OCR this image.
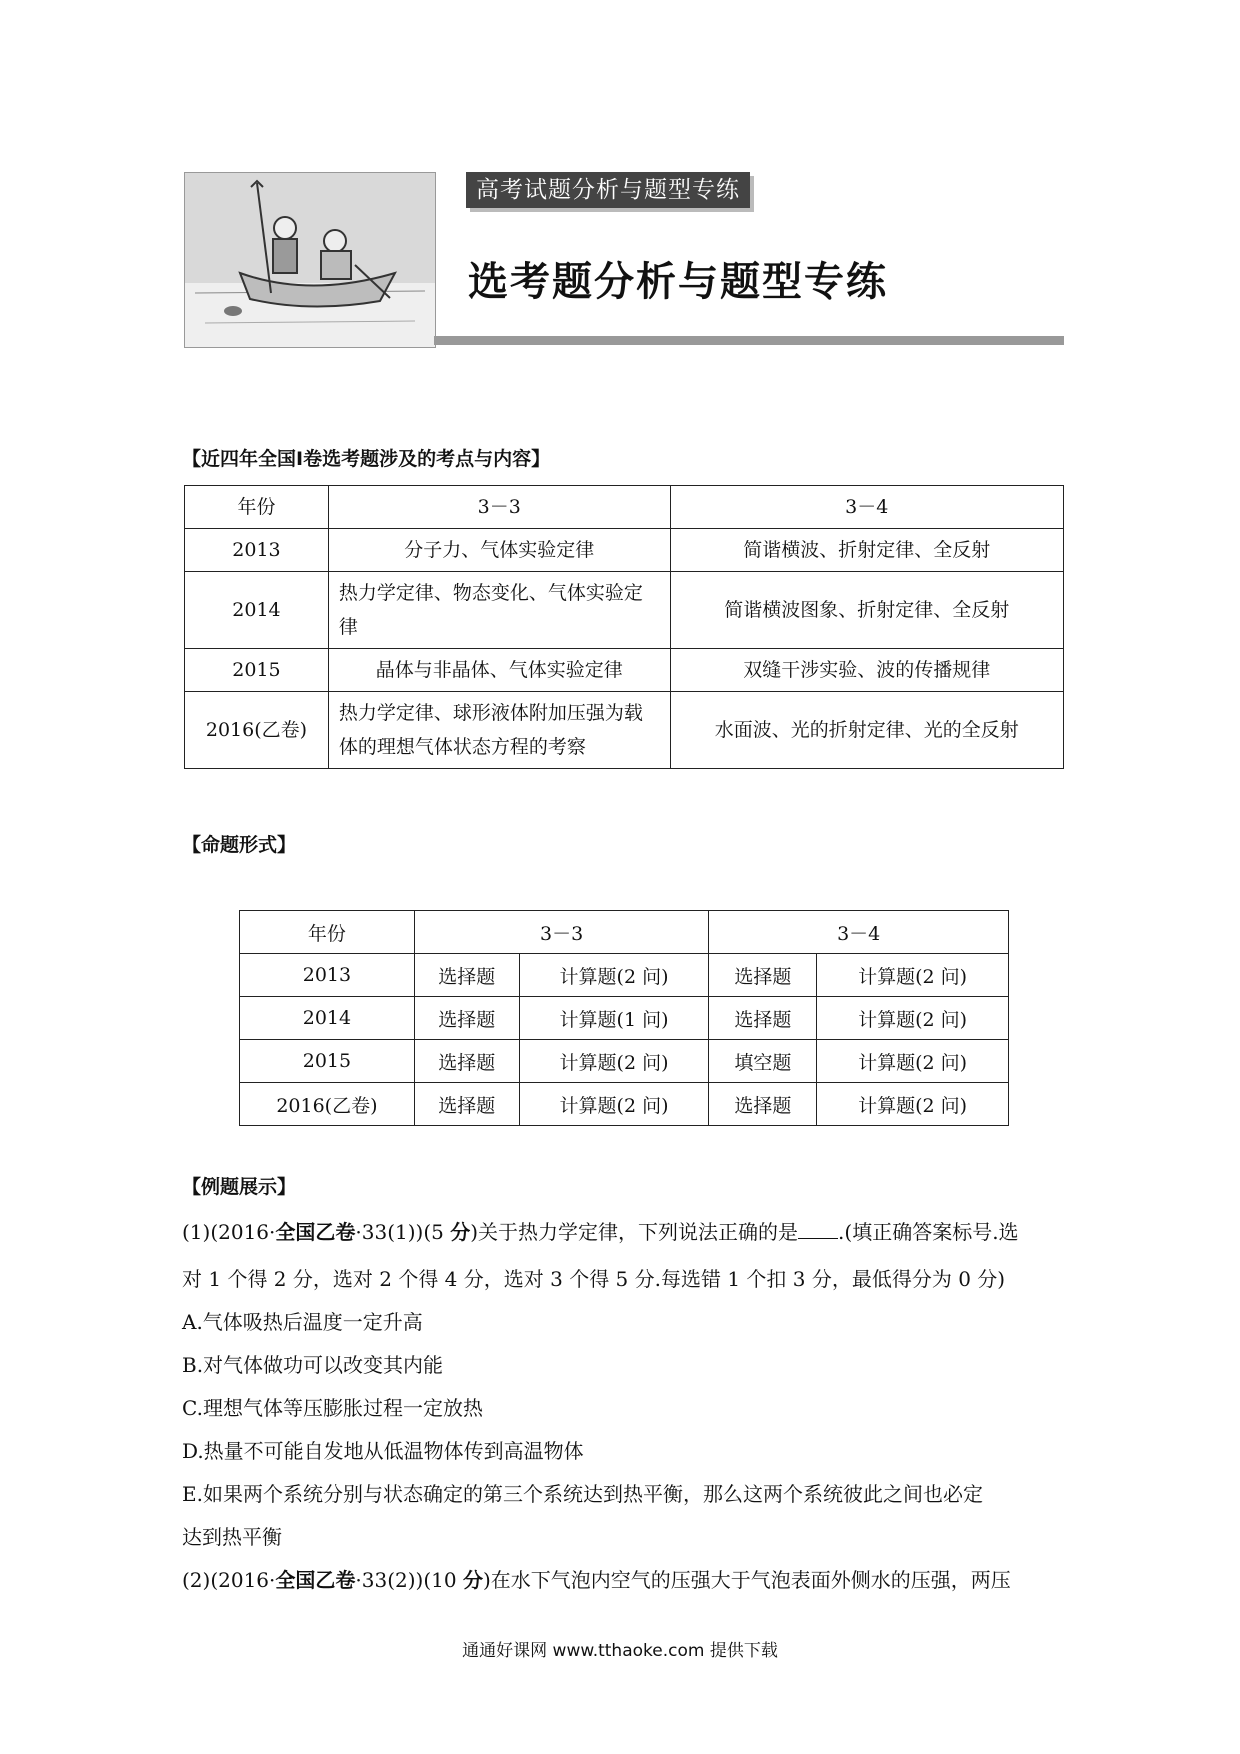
高考试题分析与题型专练
选考题分析与题型专练
【近四年全国Ⅰ卷选考题涉及的考点与内容】
年份	3－3	3－4
2013	分子力、气体实验定律	简谐横波、折射定律、全反射
2014	热力学定律、物态变化、气体实验定律	简谐横波图象、折射定律、全反射
2015	晶体与非晶体、气体实验定律	双缝干涉实验、波的传播规律
2016(乙卷)	热力学定律、球形液体附加压强为载体的理想气体状态方程的考察	水面波、光的折射定律、光的全反射
【命题形式】
年份	3－3		3－4	
2013	选择题	计算题(2 问)	选择题	计算题(2 问)
2014	选择题	计算题(1 问)	选择题	计算题(2 问)
2015	选择题	计算题(2 问)	填空题	计算题(2 问)
2016(乙卷)	选择题	计算题(2 问)	选择题	计算题(2 问)
【例题展示】
(1)(2016·全国乙卷·33(1))(5 分)关于热力学定律，下列说法正确的是 .(填正确答案标号.选
对 1 个得 2 分，选对 2 个得 4 分，选对 3 个得 5 分.每选错 1 个扣 3 分，最低得分为 0 分)
A.气体吸热后温度一定升高
B.对气体做功可以改变其内能
C.理想气体等压膨胀过程一定放热
D.热量不可能自发地从低温物体传到高温物体
E.如果两个系统分别与状态确定的第三个系统达到热平衡，那么这两个系统彼此之间也必定
达到热平衡
(2)(2016·全国乙卷·33(2))(10 分)在水下气泡内空气的压强大于气泡表面外侧水的压强，两压
通通好课网 www.tthaoke.com 提供下载
